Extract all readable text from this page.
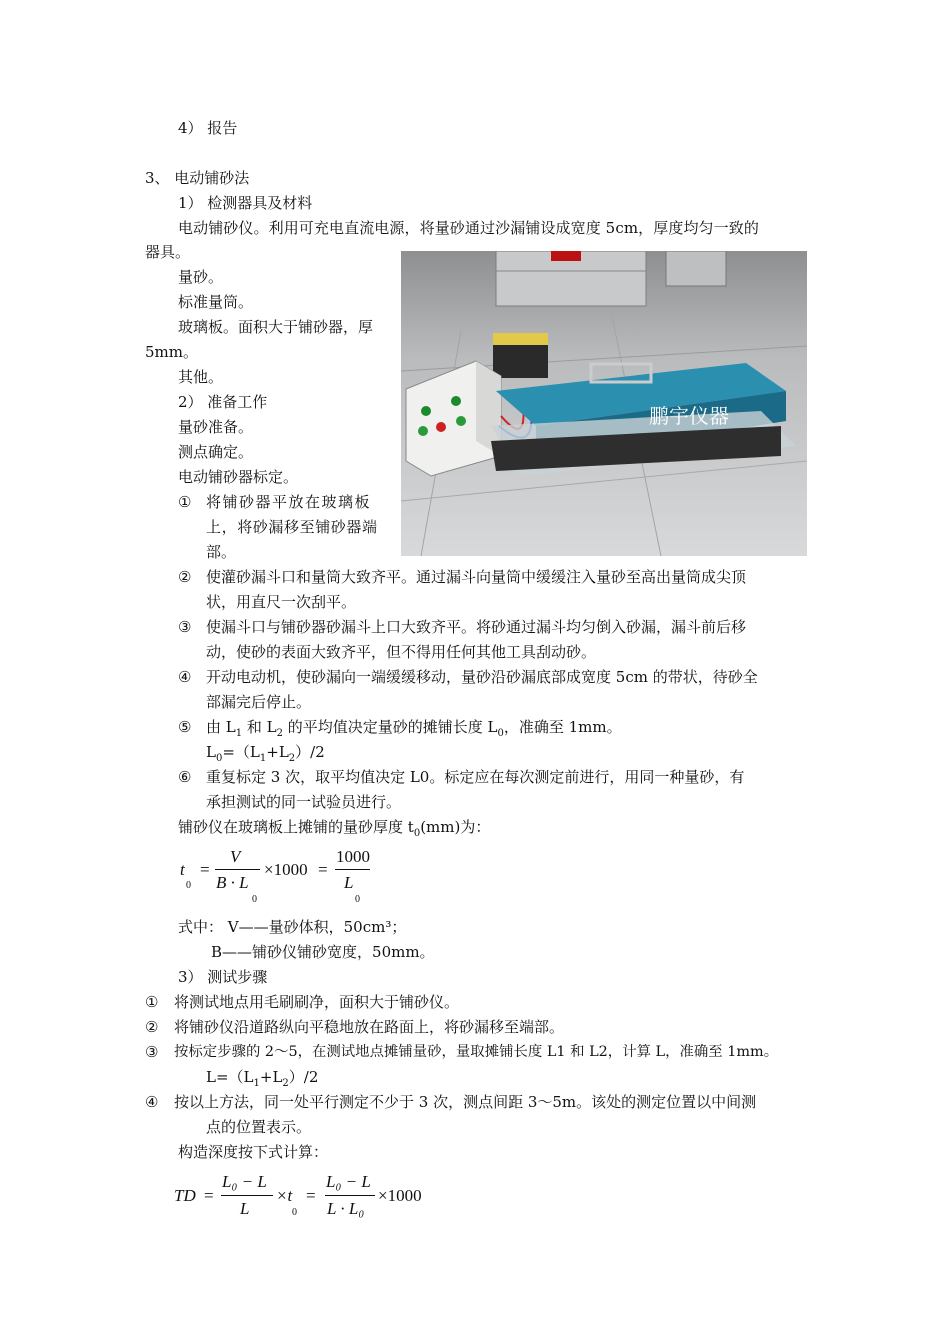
4） 报告
3、 电动铺砂法
1） 检测器具及材料
电动铺砂仪。利用可充电直流电源，将量砂通过沙漏铺设成宽度 5cm，厚度均匀一致的
器具。
量砂。
标准量筒。
玻璃板。面积大于铺砂器，厚
5mm。
其他。
2） 准备工作
量砂准备。
测点确定。
电动铺砂器标定。
鹏宇仪器
① 将铺砂器平放在玻璃板
上，将砂漏移至铺砂器端
部。
② 使灌砂漏斗口和量筒大致齐平。通过漏斗向量筒中缓缓注入量砂至高出量筒成尖顶
状，用直尺一次刮平。
③ 使漏斗口与铺砂器砂漏斗上口大致齐平。将砂通过漏斗均匀倒入砂漏，漏斗前后移
动，使砂的表面大致齐平，但不得用任何其他工具刮动砂。
④ 开动电动机，使砂漏向一端缓缓移动，量砂沿砂漏底部成宽度 5cm 的带状，待砂全
部漏完后停止。
⑤ 由 $L_1$ 和 $L_2$ 的平均值决定量砂的摊铺长度 $L_0$，准确至 1mm。
$L_0=(L_1+L_2)/2$
⑥ 重复标定 3 次，取平均值决定 L0。标定应在每次测定前进行，用同一种量砂，有
承担测试的同一试验员进行。
铺砂仪在玻璃板上摊铺的量砂厚度 $t_0(mm)$为：
t
0
=
V
B · L
0
×1000 =
1000
L
0
式中： V——量砂体积，50cm³；
B——铺砂仪铺砂宽度，50mm。
3） 测试步骤
① 将测试地点用毛刷刷净，面积大于铺砂仪。
② 将铺砂仪沿道路纵向平稳地放在路面上，将砂漏移至端部。
③ 按标定步骤的 2～5，在测试地点摊铺量砂，量取摊铺长度 L1 和 L2，计算 L，准确至 1mm。
$L=(L_1+L_2)/2$
④ 按以上方法，同一处平行测定不少于 3 次，测点间距 3～5m。该处的测定位置以中间测
点的位置表示。
构造深度按下式计算：
TD =
L₀ − L
L
×t
0
=
L₀ − L
L · L₀
×1000
